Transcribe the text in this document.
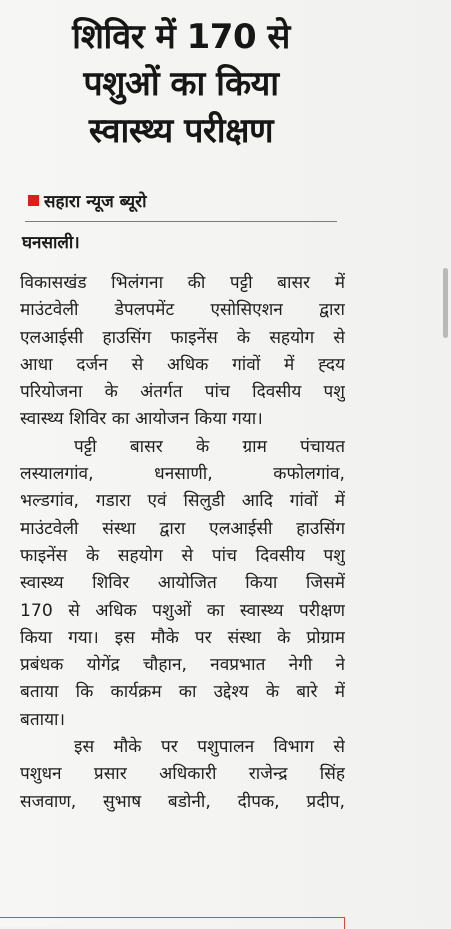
शिविर में 170 से
पशुओं का किया
स्वास्थ्य परीक्षण
सहारा न्यूज ब्यूरो
घनसाली।
विकासखंड भिलंगना की पट्टी बासर में
माउंटवेली डेपलपमेंट एसोसिएशन द्वारा
एलआईसी हाउसिंग फाइनेंस के सहयोग से
आधा दर्जन से अधिक गांवों में ह्दय
परियोजना के अंतर्गत पांच दिवसीय पशु
स्वास्थ्य शिविर का आयोजन किया गया।
पट्टी बासर के ग्राम पंचायत
लस्यालगांव, धनसाणी, कफोलगांव,
भल्डगांव, गडारा एवं सिलुडी आदि गांवों में
माउंटवेली संस्था द्वारा एलआईसी हाउसिंग
फाइनेंस के सहयोग से पांच दिवसीय पशु
स्वास्थ्य शिविर आयोजित किया जिसमें
170 से अधिक पशुओं का स्वास्थ्य परीक्षण
किया गया। इस मौके पर संस्था के प्रोग्राम
प्रबंधक योगेंद्र चौहान, नवप्रभात नेगी ने
बताया कि कार्यक्रम का उद्देश्य के बारे में
बताया।
इस मौके पर पशुपालन विभाग से
पशुधन प्रसार अधिकारी राजेन्द्र सिंह
सजवाण, सुभाष बडोनी, दीपक, प्रदीप,
